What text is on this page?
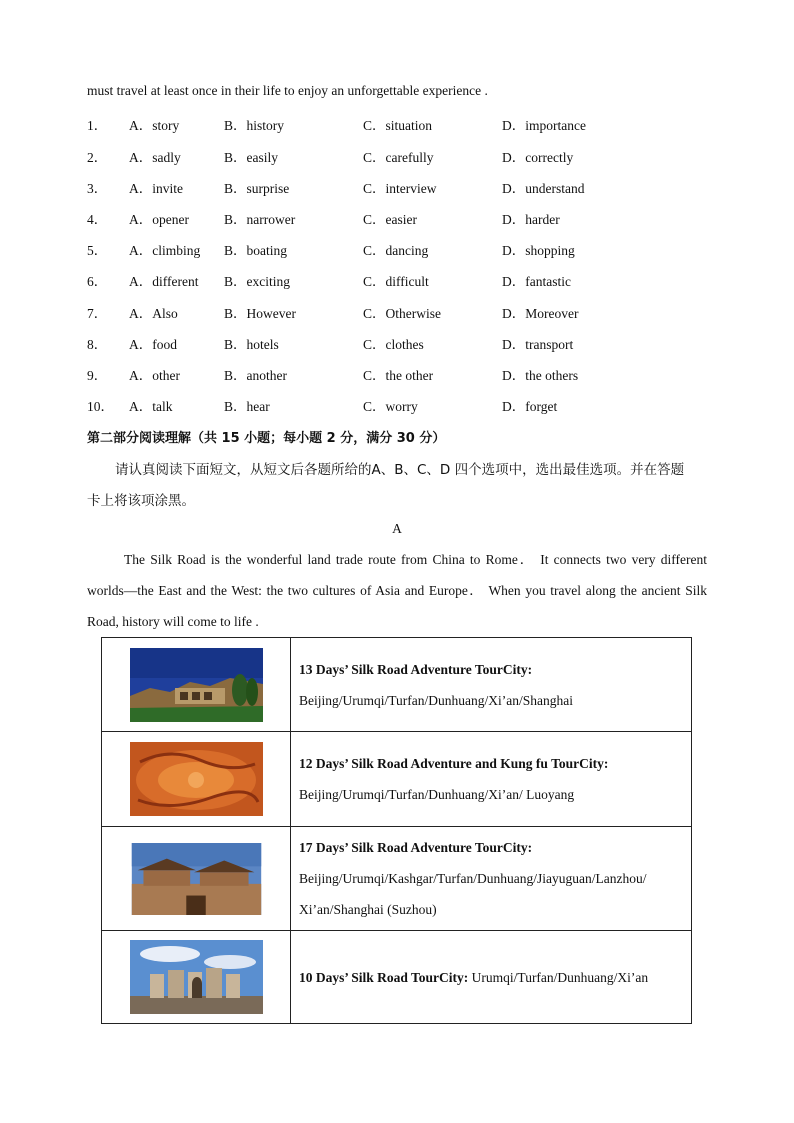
must travel at least once in their life to enjoy an unforgettable experience .
1． A．story	B．history	C．situation	D．importance
2． A．sadly	B．easily	C．carefully	D．correctly
3． A．invite	B．surprise	C．interview	D．understand
4． A．opener	B．narrower	C．easier	D．harder
5． A．climbing B．boating	C．dancing	D．shopping
6． A．different B．exciting	C．difficult	D．fantastic
7． A．Also	B．However	C．Otherwise	D．Moreover
8． A．food	B．hotels	C．clothes	D．transport
9． A．other	B．another	C．the other	D．the others
10． A．talk	B．hear	C．worry	D．forget
第二部分阅读理解（共 15 小题；每小题 2 分，满分 30 分）
请认真阅读下面短文，从短文后各题所给的A、B、C、D 四个选项中，选出最佳选项。并在答题
卡上将该项涂黑。
A
The Silk Road is the wonderful land trade route from China to Rome． It connects two very different worlds—the East and the West: the two cultures of Asia and Europe． When you travel along the ancient Silk Road, history will come to life .

13 Days’ Silk Road Adventure TourCity:
Beijing/Urumqi/Turfan/Dunhuang/Xi’an/Shanghai

12 Days’ Silk Road Adventure and Kung fu TourCity:
Beijing/Urumqi/Turfan/Dunhuang/Xi’an/ Luoyang

17 Days’ Silk Road Adventure TourCity:
Beijing/Urumqi/Kashgar/Turfan/Dunhuang/Jiayuguan/Lanzhou/
Xi’an/Shanghai (Suzhou)

	10 Days’ Silk Road TourCity: Urumqi/Turfan/Dunhuang/Xi’an
